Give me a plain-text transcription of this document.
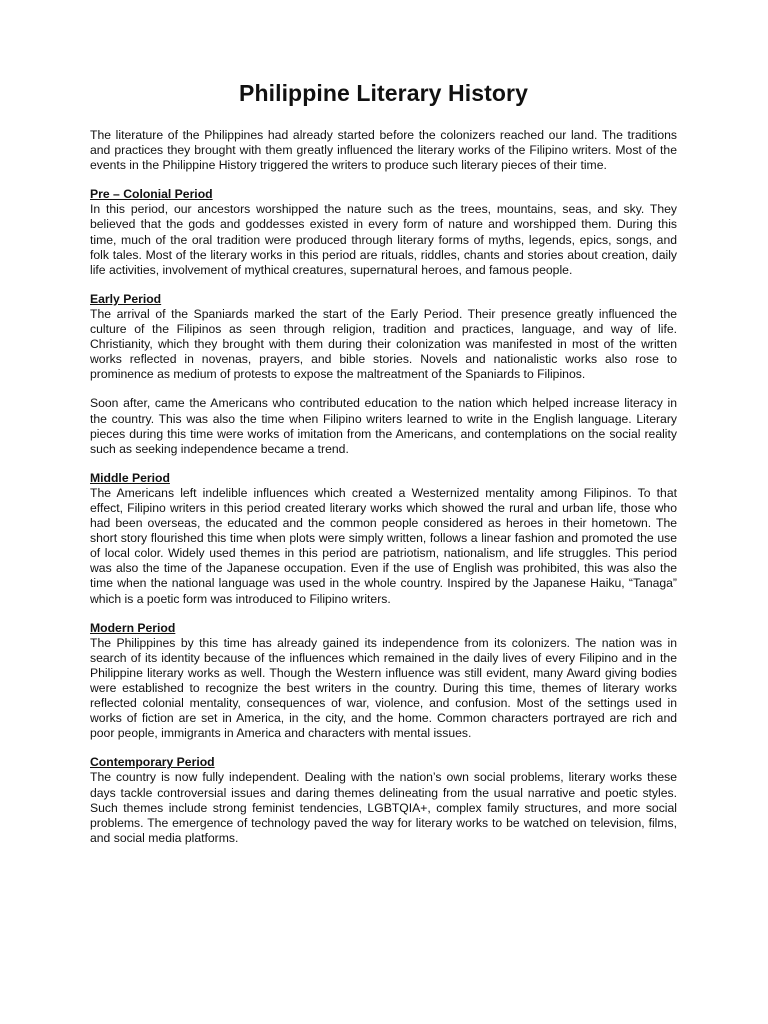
Philippine Literary History

The literature of the Philippines had already started before the colonizers reached our land. The traditions and practices they brought with them greatly influenced the literary works of the Filipino writers. Most of the events in the Philippine History triggered the writers to produce such literary pieces of their time.

Pre – Colonial Period

In this period, our ancestors worshipped the nature such as the trees, mountains, seas, and sky. They believed that the gods and goddesses existed in every form of nature and worshipped them. During this time, much of the oral tradition were produced through literary forms of myths, legends, epics, songs, and folk tales. Most of the literary works in this period are rituals, riddles, chants and stories about creation, daily life activities, involvement of mythical creatures, supernatural heroes, and famous people.

Early Period

The arrival of the Spaniards marked the start of the Early Period. Their presence greatly influenced the culture of the Filipinos as seen through religion, tradition and practices, language, and way of life. Christianity, which they brought with them during their colonization was manifested in most of the written works reflected in novenas, prayers, and bible stories. Novels and nationalistic works also rose to prominence as medium of protests to expose the maltreatment of the Spaniards to Filipinos.

Soon after, came the Americans who contributed education to the nation which helped increase literacy in the country. This was also the time when Filipino writers learned to write in the English language. Literary pieces during this time were works of imitation from the Americans, and contemplations on the social reality such as seeking independence became a trend.

Middle Period

The Americans left indelible influences which created a Westernized mentality among Filipinos. To that effect, Filipino writers in this period created literary works which showed the rural and urban life, those who had been overseas, the educated and the common people considered as heroes in their hometown. The short story flourished this time when plots were simply written, follows a linear fashion and promoted the use of local color. Widely used themes in this period are patriotism, nationalism, and life struggles. This period was also the time of the Japanese occupation. Even if the use of English was prohibited, this was also the time when the national language was used in the whole country. Inspired by the Japanese Haiku, “Tanaga” which is a poetic form was introduced to Filipino writers.

Modern Period

The Philippines by this time has already gained its independence from its colonizers. The nation was in search of its identity because of the influences which remained in the daily lives of every Filipino and in the Philippine literary works as well. Though the Western influence was still evident, many Award giving bodies were established to recognize the best writers in the country. During this time, themes of literary works reflected colonial mentality, consequences of war, violence, and confusion. Most of the settings used in works of fiction are set in America, in the city, and the home. Common characters portrayed are rich and poor people, immigrants in America and characters with mental issues.

Contemporary Period

The country is now fully independent. Dealing with the nation’s own social problems, literary works these days tackle controversial issues and daring themes delineating from the usual narrative and poetic styles. Such themes include strong feminist tendencies, LGBTQIA+, complex family structures, and more social problems. The emergence of technology paved the way for literary works to be watched on television, films, and social media platforms.
